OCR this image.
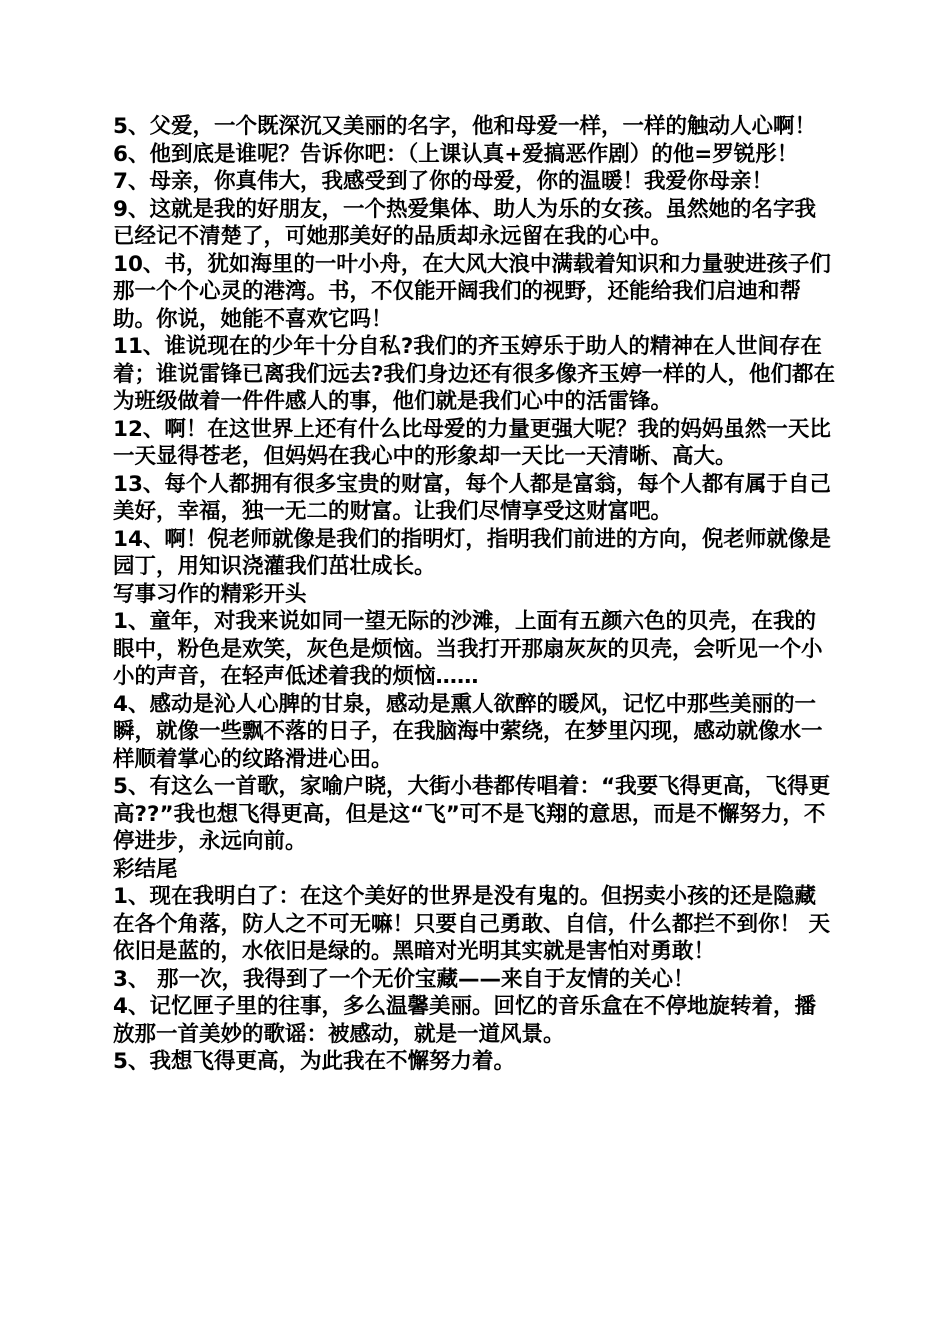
5、父爱，一个既深沉又美丽的名字，他和母爱一样，一样的触动人心啊！

6、他到底是谁呢？告诉你吧：（上课认真+爱搞恶作剧）的他=罗锐彤！

7、母亲，你真伟大，我感受到了你的母爱，你的温暖！我爱你母亲！

9、这就是我的好朋友，一个热爱集体、助人为乐的女孩。虽然她的名字我已经记不清楚了，可她那美好的品质却永远留在我的心中。

10、书，犹如海里的一叶小舟，在大风大浪中满载着知识和力量驶进孩子们那一个个心灵的港湾。书，不仅能开阔我们的视野，还能给我们启迪和帮助。你说，她能不喜欢它吗！

11、谁说现在的少年十分自私?我们的齐玉婷乐于助人的精神在人世间存在着；谁说雷锋已离我们远去?我们身边还有很多像齐玉婷一样的人，他们都在为班级做着一件件感人的事，他们就是我们心中的活雷锋。

12、啊！在这世界上还有什么比母爱的力量更强大呢？我的妈妈虽然一天比一天显得苍老，但妈妈在我心中的形象却一天比一天清晰、高大。

13、每个人都拥有很多宝贵的财富，每个人都是富翁，每个人都有属于自己美好，幸福，独一无二的财富。让我们尽情享受这财富吧。

14、啊！倪老师就像是我们的指明灯，指明我们前进的方向，倪老师就像是园丁，用知识浇灌我们茁壮成长。

写事习作的精彩开头

1、童年，对我来说如同一望无际的沙滩，上面有五颜六色的贝壳，在我的眼中，粉色是欢笑，灰色是烦恼。当我打开那扇灰灰的贝壳，会听见一个小小的声音，在轻声低述着我的烦恼……

4、感动是沁人心脾的甘泉，感动是熏人欲醉的暖风，记忆中那些美丽的一瞬，就像一些飘不落的日子，在我脑海中萦绕，在梦里闪现，感动就像水一样顺着掌心的纹路滑进心田。

5、有这么一首歌，家喻户晓，大街小巷都传唱着：“我要飞得更高，飞得更高??”我也想飞得更高，但是这“飞”可不是飞翔的意思，而是不懈努力，不停进步，永远向前。

彩结尾

1、现在我明白了：在这个美好的世界是没有鬼的。但拐卖小孩的还是隐藏在各个角落，防人之不可无嘛！只要自己勇敢、自信，什么都拦不到你！ 天依旧是蓝的，水依旧是绿的。黑暗对光明其实就是害怕对勇敢！

3、 那一次，我得到了一个无价宝藏——来自于友情的关心！

4、记忆匣子里的往事，多么温馨美丽。回忆的音乐盒在不停地旋转着，播放那一首美妙的歌谣：被感动，就是一道风景。

5、我想飞得更高，为此我在不懈努力着。
